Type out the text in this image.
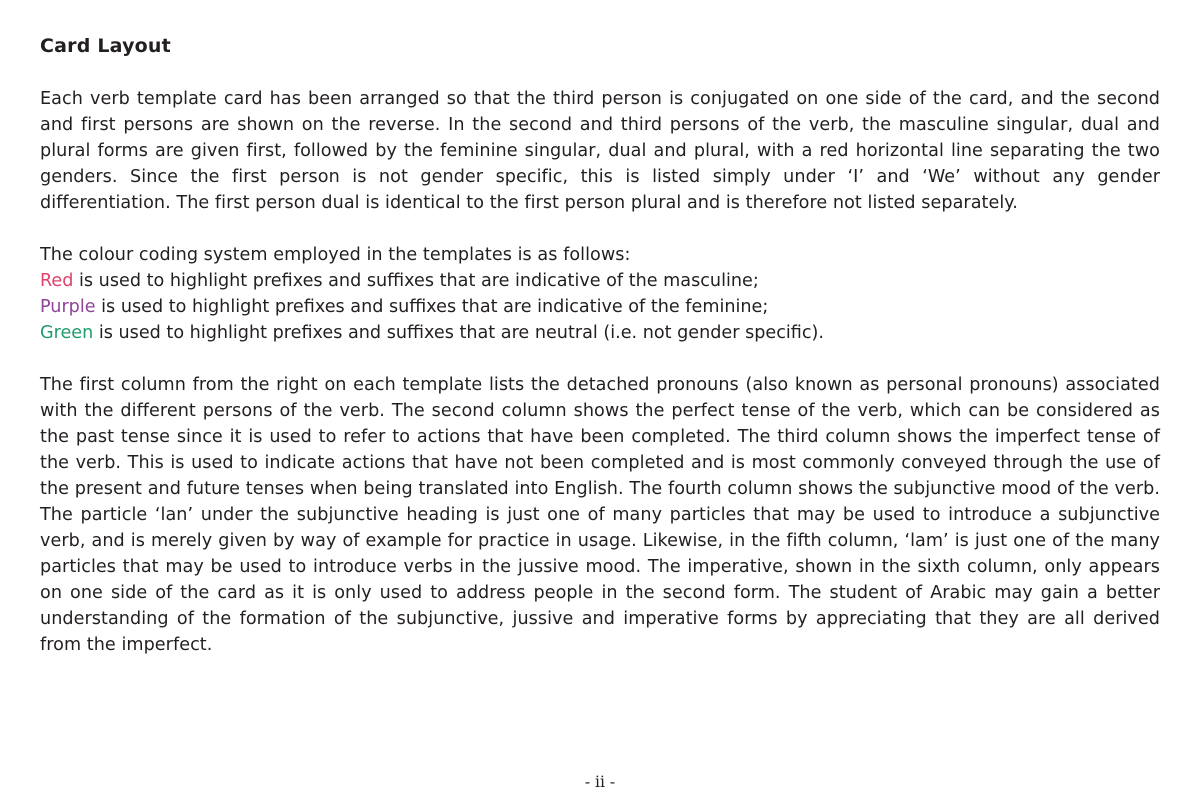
Card Layout

Each verb template card has been arranged so that the third person is conjugated on one side of the card, and the second and first persons are shown on the reverse. In the second and third persons of the verb, the masculine singular, dual and plural forms are given first, followed by the feminine singular, dual and plural, with a red horizontal line separating the two genders. Since the first person is not gender specific, this is listed simply under ‘I’ and ‘We’ without any gender differentiation. The first person dual is identical to the first person plural and is therefore not listed separately.

The colour coding system employed in the templates is as follows:

Red is used to highlight prefixes and suffixes that are indicative of the masculine;
Purple is used to highlight prefixes and suffixes that are indicative of the feminine;
Green is used to highlight prefixes and suffixes that are neutral (i.e. not gender specific).

The first column from the right on each template lists the detached pronouns (also known as personal pronouns) associated with the different persons of the verb. The second column shows the perfect tense of the verb, which can be considered as the past tense since it is used to refer to actions that have been completed. The third column shows the imperfect tense of the verb. This is used to indicate actions that have not been completed and is most commonly conveyed through the use of the present and future tenses when being translated into English. The fourth column shows the subjunctive mood of the verb. The particle ‘lan’ under the subjunctive heading is just one of many particles that may be used to introduce a subjunctive verb, and is merely given by way of example for practice in usage. Likewise, in the fifth column, ‘lam’ is just one of the many particles that may be used to introduce verbs in the jussive mood. The imperative, shown in the sixth column, only appears on one side of the card as it is only used to address people in the second form. The student of Arabic may gain a better understanding of the formation of the subjunctive, jussive and imperative forms by appreciating that they are all derived from the imperfect.

- ii -
